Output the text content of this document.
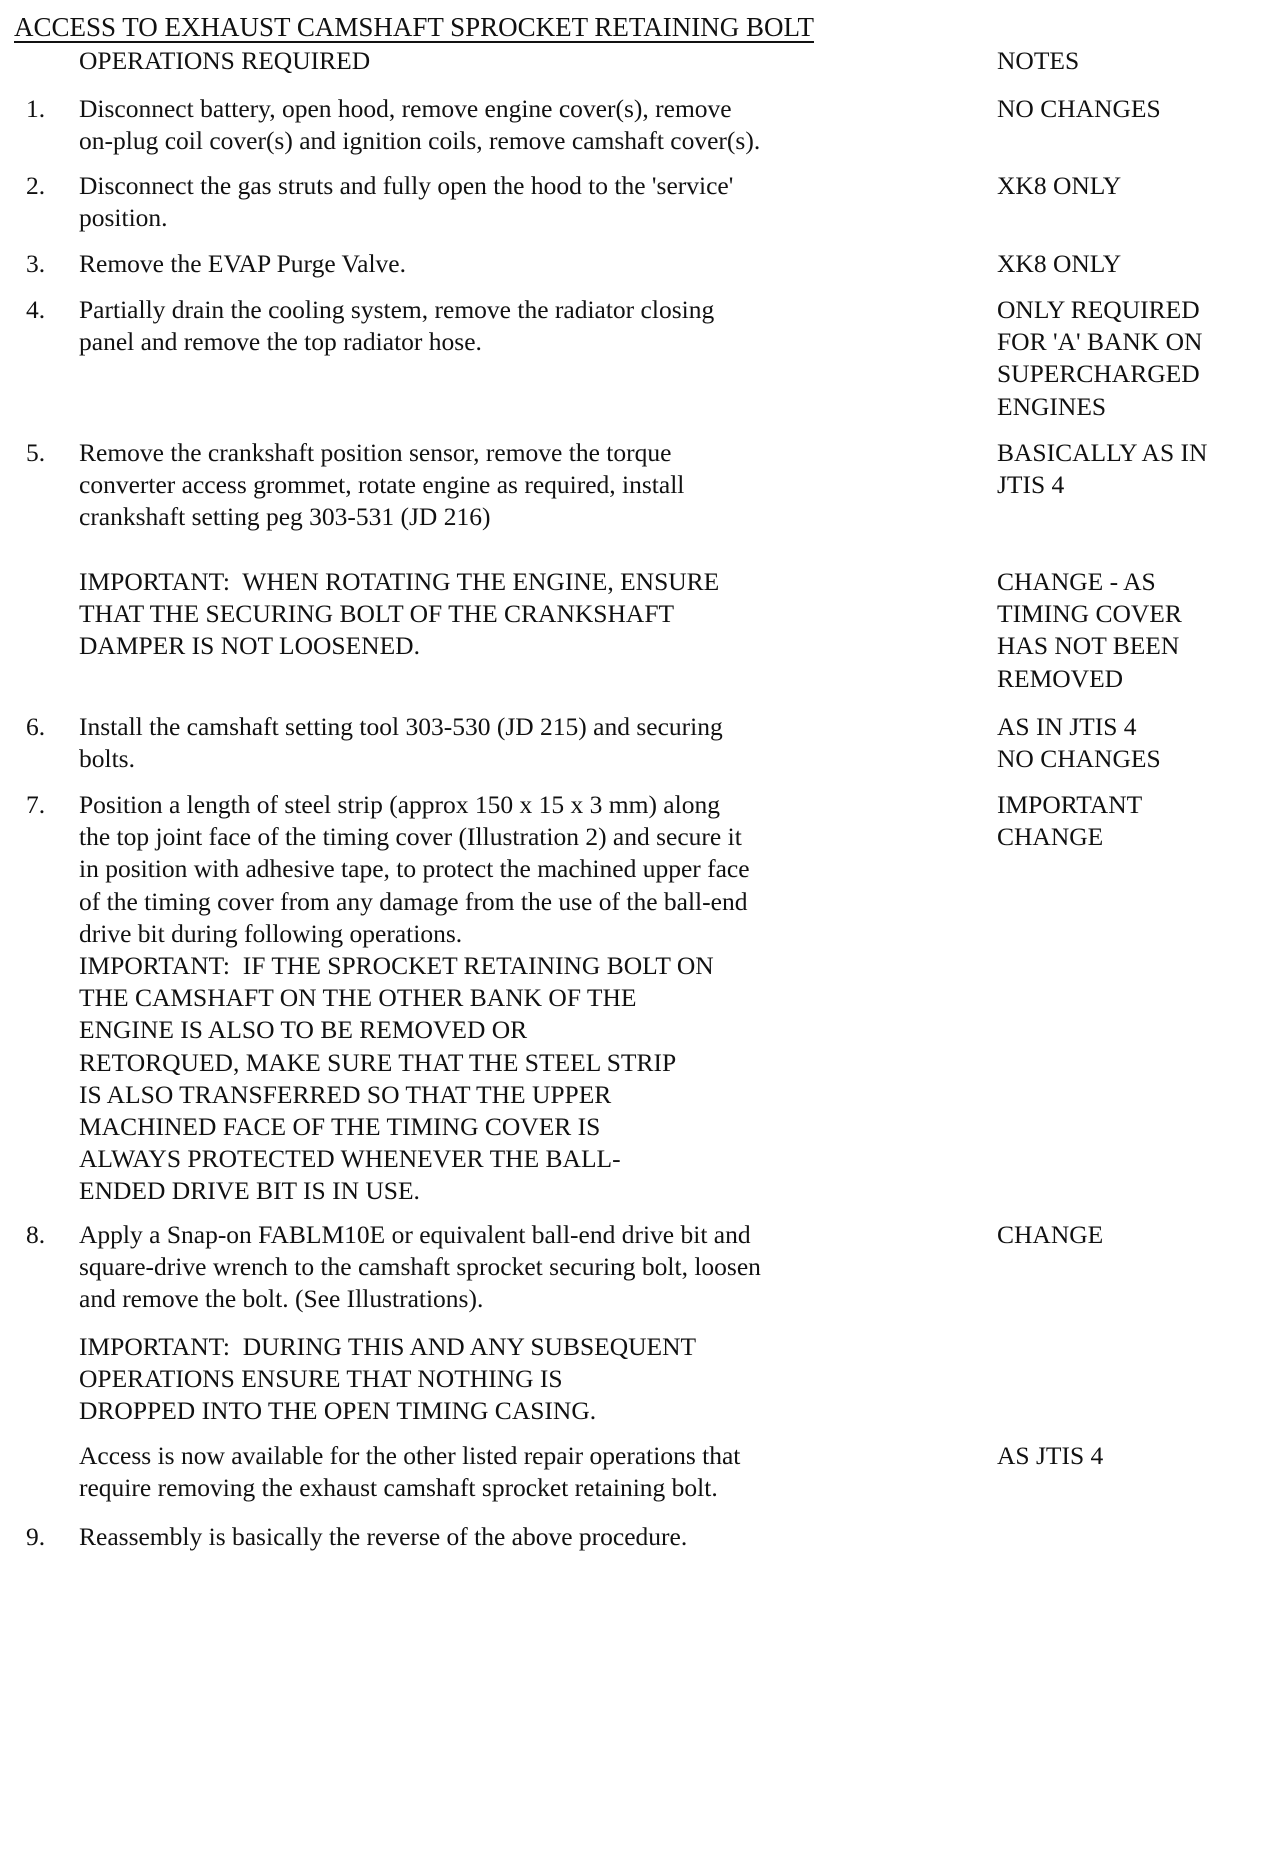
ACCESS TO EXHAUST CAMSHAFT SPROCKET RETAINING BOLT
OPERATIONS REQUIRED	NOTES
1. Disconnect battery, open hood, remove engine cover(s), remove
on-plug coil cover(s) and ignition coils, remove camshaft cover(s).
NO CHANGES
2. Disconnect the gas struts and fully open the hood to the 'service'
position.
XK8 ONLY
3. Remove the EVAP Purge Valve.	XK8 ONLY
4. Partially drain the cooling system, remove the radiator closing
panel and remove the top radiator hose.
ONLY REQUIRED
FOR 'A' BANK ON
SUPERCHARGED
ENGINES
5. Remove the crankshaft position sensor, remove the torque
converter access grommet, rotate engine as required, install
crankshaft setting peg 303-531 (JD 216)
BASICALLY AS IN
JTIS 4
IMPORTANT:  WHEN ROTATING THE ENGINE, ENSURE
THAT THE SECURING BOLT OF THE CRANKSHAFT
DAMPER IS NOT LOOSENED.
CHANGE - AS
TIMING COVER
HAS NOT BEEN
REMOVED
6. Install the camshaft setting tool 303-530 (JD 215) and securing
bolts.
AS IN JTIS 4
NO CHANGES
7. Position a length of steel strip (approx 150 x 15 x 3 mm) along
the top joint face of the timing cover (Illustration 2) and secure it
in position with adhesive tape, to protect the machined upper face
of the timing cover from any damage from the use of the ball-end
drive bit during following operations.
IMPORTANT:  IF THE SPROCKET RETAINING BOLT ON
THE CAMSHAFT ON THE OTHER BANK OF THE
ENGINE IS ALSO TO BE REMOVED OR
RETORQUED, MAKE SURE THAT THE STEEL STRIP
IS ALSO TRANSFERRED SO THAT THE UPPER
MACHINED FACE OF THE TIMING COVER IS
ALWAYS PROTECTED WHENEVER THE BALL-
ENDED DRIVE BIT IS IN USE.
IMPORTANT
CHANGE
8. Apply a Snap-on FABLM10E or equivalent ball-end drive bit and
square-drive wrench to the camshaft sprocket securing bolt, loosen
and remove the bolt. (See Illustrations).
CHANGE
IMPORTANT:  DURING THIS AND ANY SUBSEQUENT
OPERATIONS ENSURE THAT NOTHING IS
DROPPED INTO THE OPEN TIMING CASING.
Access is now available for the other listed repair operations that
require removing the exhaust camshaft sprocket retaining bolt.
AS JTIS 4
9. Reassembly is basically the reverse of the above procedure.
